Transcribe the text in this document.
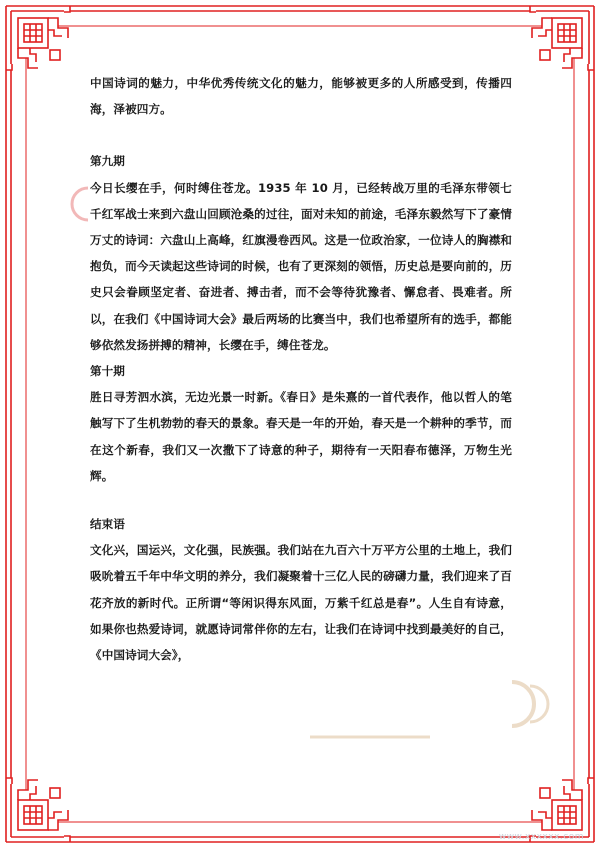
中国诗词的魅力，中华优秀传统文化的魅力，能够被更多的人所感受到，传播四海，泽被四方。

第九期

今日长缨在手，何时缚住苍龙。1935 年 10 月，已经转战万里的毛泽东带领七千红军战士来到六盘山回顾沧桑的过往，面对未知的前途，毛泽东毅然写下了豪情万丈的诗词：六盘山上高峰，红旗漫卷西风。这是一位政治家，一位诗人的胸襟和抱负，而今天读起这些诗词的时候，也有了更深刻的领悟，历史总是要向前的，历史只会眷顾坚定者、奋进者、搏击者，而不会等待犹豫者、懈怠者、畏难者。所以，在我们《中国诗词大会》最后两场的比赛当中，我们也希望所有的选手，都能够依然发扬拼搏的精神，长缨在手，缚住苍龙。

第十期

胜日寻芳泗水滨，无边光景一时新。《春日》是朱熹的一首代表作，他以哲人的笔触写下了生机勃勃的春天的景象。春天是一年的开始，春天是一个耕种的季节，而在这个新春，我们又一次撒下了诗意的种子，期待有一天阳春布德泽，万物生光辉。

结束语

文化兴，国运兴，文化强，民族强。我们站在九百六十万平方公里的土地上，我们吸吮着五千年中华文明的养分，我们凝聚着十三亿人民的磅礴力量，我们迎来了百花齐放的新时代。正所谓“等闲识得东风面，万紫千红总是春”。人生自有诗意，如果你也热爱诗词，就愿诗词常伴你的左右，让我们在诗词中找到最美好的自己，《中国诗词大会》，

www.xxxxxx.com
